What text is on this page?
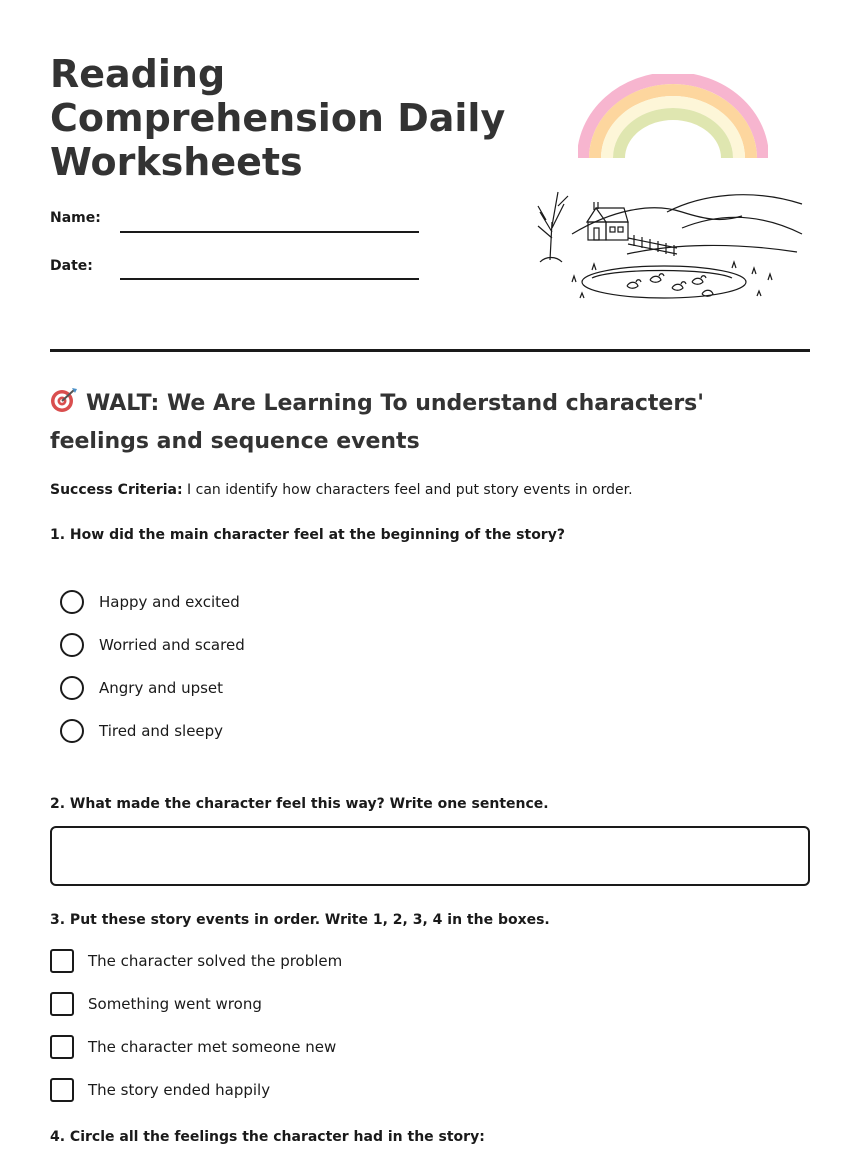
Reading Comprehension Daily Worksheets
Name:
Date:
WALT: We Are Learning To understand characters' feelings and sequence events
Success Criteria: I can identify how characters feel and put story events in order.
1. How did the main character feel at the beginning of the story?
Happy and excited
Worried and scared
Angry and upset
Tired and sleepy
2. What made the character feel this way? Write one sentence.
3. Put these story events in order. Write 1, 2, 3, 4 in the boxes.
The character solved the problem
Something went wrong
The character met someone new
The story ended happily
4. Circle all the feelings the character had in the story:
